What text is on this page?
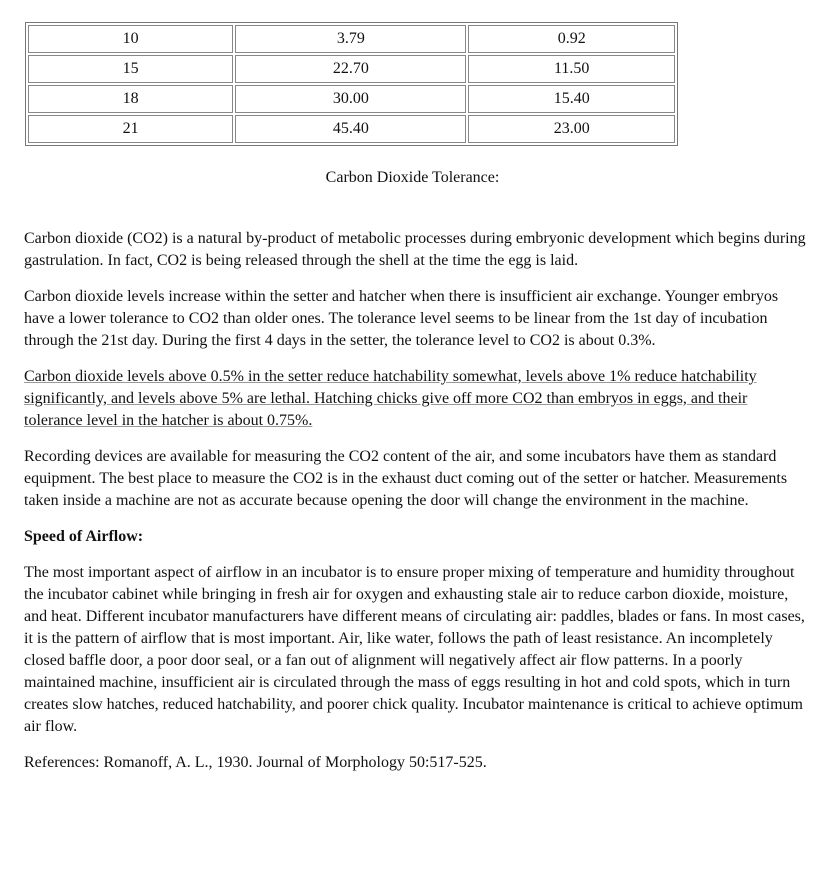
10	3.79	0.92
15	22.70	11.50
18	30.00	15.40
21	45.40	23.00
Carbon Dioxide Tolerance:

Carbon dioxide (CO2) is a natural by-product of metabolic processes during embryonic development which begins during gastrulation. In fact, CO2 is being released through the shell at the time the egg is laid.

Carbon dioxide levels increase within the setter and hatcher when there is insufficient air exchange. Younger embryos have a lower tolerance to CO2 than older ones. The tolerance level seems to be linear from the 1st day of incubation through the 21st day. During the first 4 days in the setter, the tolerance level to CO2 is about 0.3%.

Carbon dioxide levels above 0.5% in the setter reduce hatchability somewhat, levels above 1% reduce hatchability significantly, and levels above 5% are lethal. Hatching chicks give off more CO2 than embryos in eggs, and their tolerance level in the hatcher is about 0.75%.

Recording devices are available for measuring the CO2 content of the air, and some incubators have them as standard equipment. The best place to measure the CO2 is in the exhaust duct coming out of the setter or hatcher. Measurements taken inside a machine are not as accurate because opening the door will change the environment in the machine.

Speed of Airflow:

The most important aspect of airflow in an incubator is to ensure proper mixing of temperature and humidity throughout the incubator cabinet while bringing in fresh air for oxygen and exhausting stale air to reduce carbon dioxide, moisture, and heat. Different incubator manufacturers have different means of circulating air: paddles, blades or fans. In most cases, it is the pattern of airflow that is most important. Air, like water, follows the path of least resistance. An incompletely closed baffle door, a poor door seal, or a fan out of alignment will negatively affect air flow patterns. In a poorly maintained machine, insufficient air is circulated through the mass of eggs resulting in hot and cold spots, which in turn creates slow hatches, reduced hatchability, and poorer chick quality. Incubator maintenance is critical to achieve optimum air flow.

References: Romanoff, A. L., 1930. Journal of Morphology 50:517-525.
